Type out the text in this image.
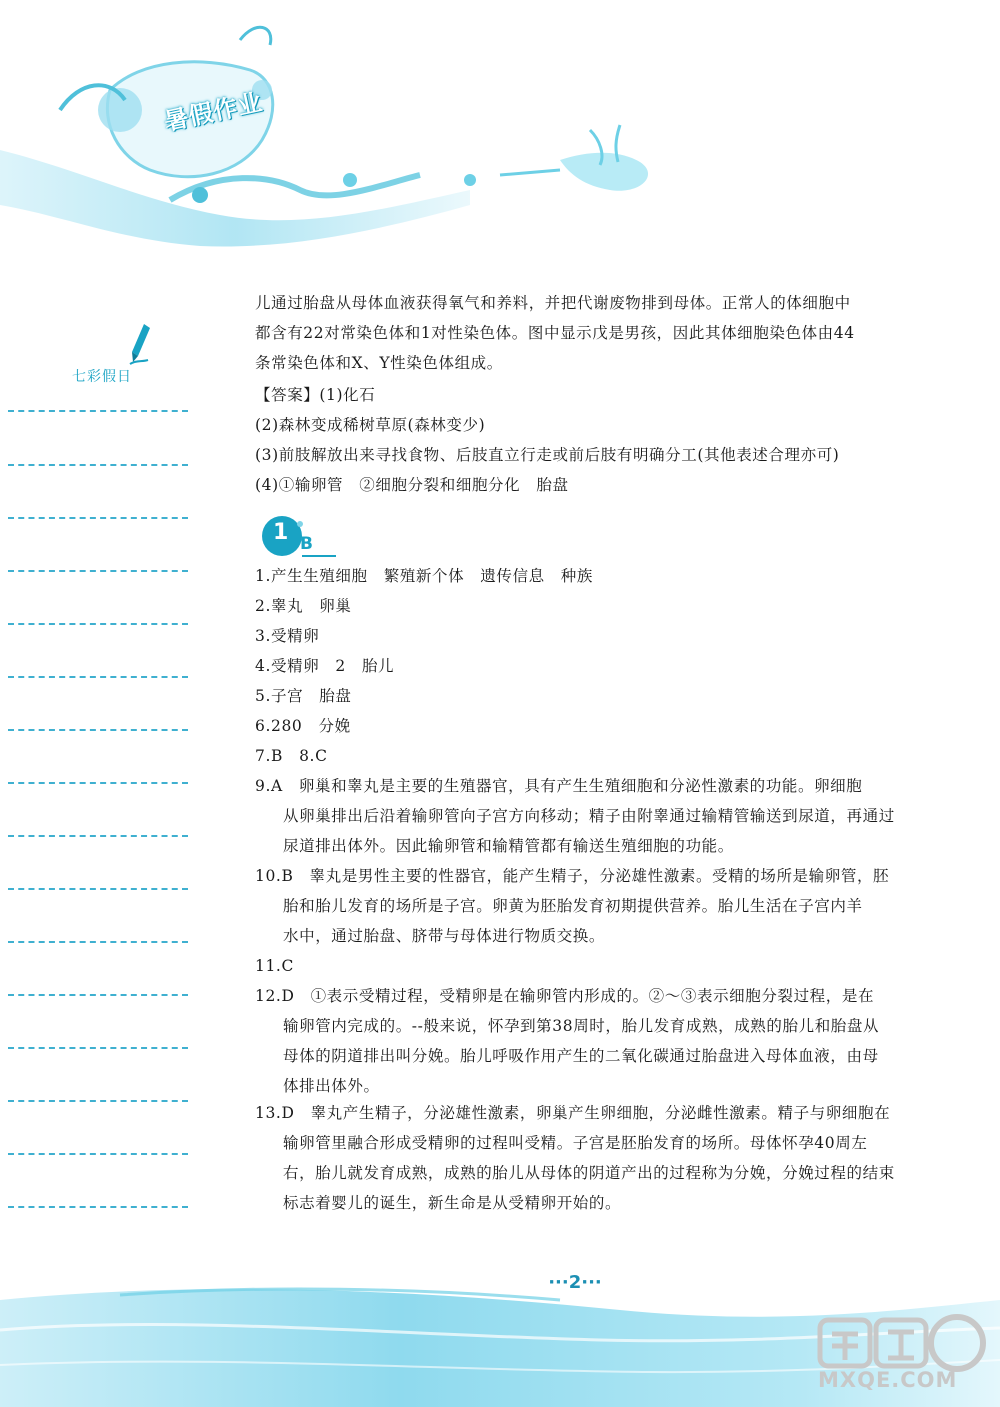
暑假作业
七彩假日
儿通过胎盘从母体血液获得氧气和养料，并把代谢废物排到母体。正常人的体细胞中
都含有22对常染色体和1对性染色体。图中显示戊是男孩，因此其体细胞染色体由44
条常染色体和X、Y性染色体组成。
【答案】(1)化石
(2)森林变成稀树草原(森林变少)
(3)前肢解放出来寻找食物、后肢直立行走或前后肢有明确分工(其他表述合理亦可)
(4)①输卵管　②细胞分裂和细胞分化　胎盘
1 B
1.产生生殖细胞　繁殖新个体　遗传信息　种族
2.睾丸　卵巢
3.受精卵
4.受精卵　2　胎儿
5.子宫　胎盘
6.280　分娩
7.B　8.C
9.A　卵巢和睾丸是主要的生殖器官，具有产生生殖细胞和分泌性激素的功能。卵细胞
从卵巢排出后沿着输卵管向子宫方向移动；精子由附睾通过输精管输送到尿道，再通过
尿道排出体外。因此输卵管和输精管都有输送生殖细胞的功能。
10.B　睾丸是男性主要的性器官，能产生精子，分泌雄性激素。受精的场所是输卵管，胚
胎和胎儿发育的场所是子宫。卵黄为胚胎发育初期提供营养。胎儿生活在子宫内羊
水中，通过胎盘、脐带与母体进行物质交换。
11.C
12.D　①表示受精过程，受精卵是在输卵管内形成的。②～③表示细胞分裂过程，是在
输卵管内完成的。--般来说，怀孕到第38周时，胎儿发育成熟，成熟的胎儿和胎盘从
母体的阴道排出叫分娩。胎儿呼吸作用产生的二氧化碳通过胎盘进入母体血液，由母
体排出体外。
13.D　睾丸产生精子，分泌雄性激素，卵巢产生卵细胞，分泌雌性激素。精子与卵细胞在
输卵管里融合形成受精卵的过程叫受精。子宫是胚胎发育的场所。母体怀孕40周左
右，胎儿就发育成熟，成熟的胎儿从母体的阴道产出的过程称为分娩，分娩过程的结束
标志着婴儿的诞生，新生命是从受精卵开始的。
···2···
MXQE.COM
